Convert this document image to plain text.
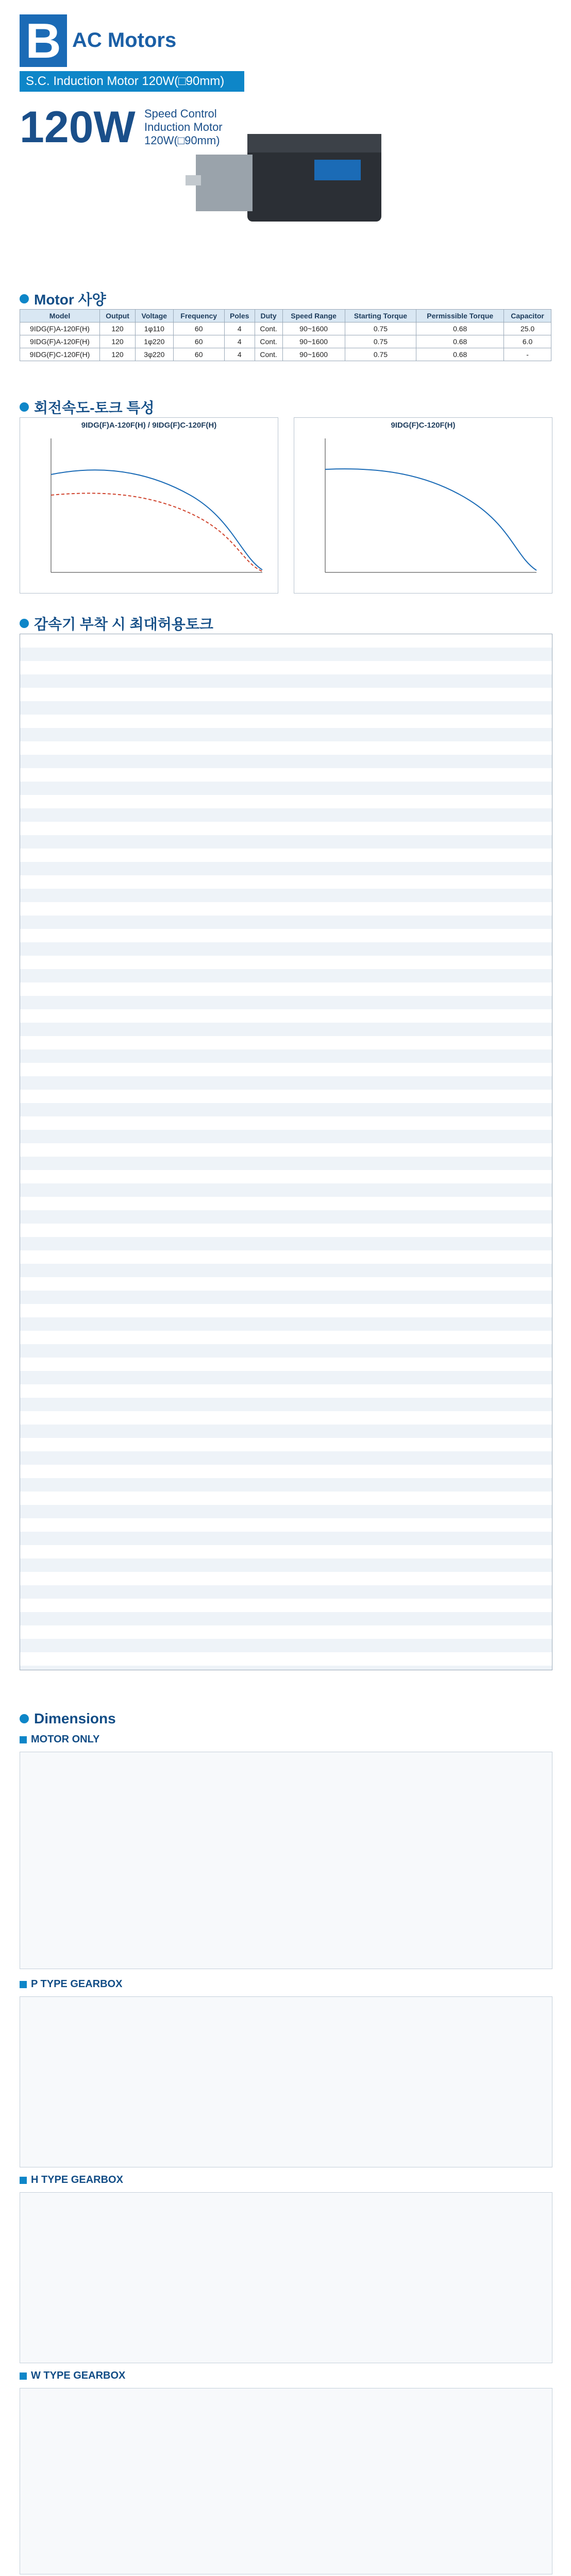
B AC Motors
S.C. Induction Motor 120W(□90mm)
120W Speed Control
Induction Motor
120W(□90mm)
Motor 사양
Model	Output	Voltage	Frequency	Poles	Duty	Speed Range	Starting Torque	Permissible Torque	Capacitor
9IDG(F)A-120F(H)	120	1φ110	60	4	Cont.	90~1600	0.75	0.68	25.0
9IDG(F)A-120F(H)	120	1φ220	60	4	Cont.	90~1600	0.75	0.68	6.0
9IDG(F)C-120F(H)	120	3φ220	60	4	Cont.	90~1600	0.75	0.68	-
회전속도-토크 특성
9IDG(F)A-120F(H) / 9IDG(F)C-120F(H)	9IDG(F)C-120F(H)
감속기 부착 시 최대허용토크
Dimensions
MOTOR ONLY
P TYPE GEARBOX
H TYPE GEARBOX
W TYPE GEARBOX
